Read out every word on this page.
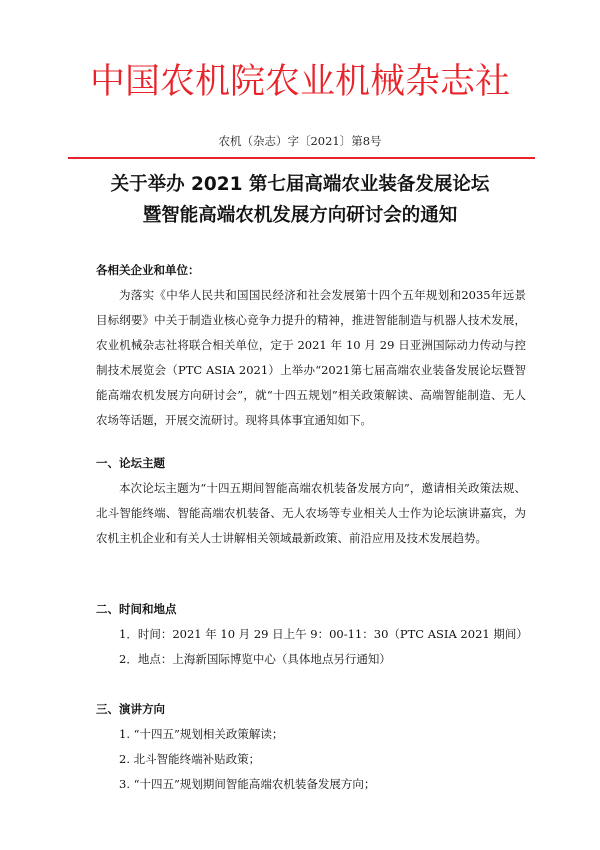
中国农机院农业机械杂志社
农机（杂志）字〔2021〕第8号
关于举办 2021 第七届高端农业装备发展论坛
暨智能高端农机发展方向研讨会的通知
各相关企业和单位：
为落实《中华人民共和国国民经济和社会发展第十四个五年规划和2035年远景目标纲要》中关于制造业核心竞争力提升的精神，推进智能制造与机器人技术发展，农业机械杂志社将联合相关单位，定于 2021 年 10 月 29 日亚洲国际动力传动与控制技术展览会（PTC ASIA 2021）上举办“2021第七届高端农业装备发展论坛暨智能高端农机发展方向研讨会”，就“十四五规划”相关政策解读、高端智能制造、无人农场等话题，开展交流研讨。现将具体事宜通知如下。
一、论坛主题
本次论坛主题为“十四五期间智能高端农机装备发展方向”，邀请相关政策法规、北斗智能终端、智能高端农机装备、无人农场等专业相关人士作为论坛演讲嘉宾，为农机主机企业和有关人士讲解相关领域最新政策、前沿应用及技术发展趋势。
二、时间和地点
1．时间：2021 年 10 月 29 日上午 9：00-11：30（PTC ASIA 2021 期间）
2．地点：上海新国际博览中心（具体地点另行通知）
三、演讲方向
1. “十四五”规划相关政策解读；
2. 北斗智能终端补贴政策；
3. “十四五”规划期间智能高端农机装备发展方向；
